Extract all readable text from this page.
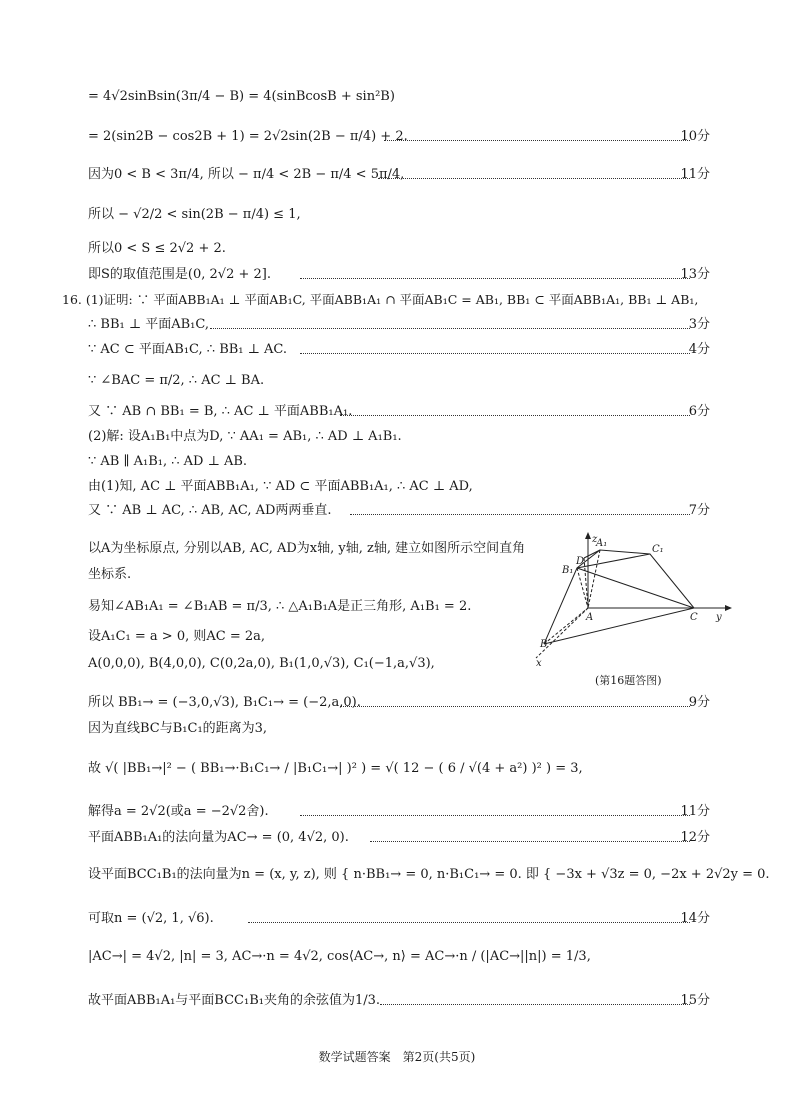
= 4√2sinBsin(3π/4 − B) = 4(sinBcosB + sin²B)
= 2(sin2B − cos2B + 1) = 2√2sin(2B − π/4) + 2.
因为0 < B < 3π/4, 所以 − π/4 < 2B − π/4 < 5π/4,
所以 − √2/2 < sin(2B − π/4) ≤ 1,
所以0 < S ≤ 2√2 + 2.
即S的取值范围是(0, 2√2 + 2].
16. (1)证明: ∵ 平面ABB₁A₁ ⊥ 平面AB₁C, 平面ABB₁A₁ ∩ 平面AB₁C = AB₁, BB₁ ⊂ 平面ABB₁A₁, BB₁ ⊥ AB₁,
∴ BB₁ ⊥ 平面AB₁C,
∵ AC ⊂ 平面AB₁C, ∴ BB₁ ⊥ AC.
∵ ∠BAC = π/2, ∴ AC ⊥ BA.
又 ∵ AB ∩ BB₁ = B, ∴ AC ⊥ 平面ABB₁A₁.
(2)解: 设A₁B₁中点为D, ∵ AA₁ = AB₁, ∴ AD ⊥ A₁B₁.
∵ AB ∥ A₁B₁, ∴ AD ⊥ AB.
由(1)知, AC ⊥ 平面ABB₁A₁, ∵ AD ⊂ 平面ABB₁A₁, ∴ AC ⊥ AD,
又 ∵ AB ⊥ AC, ∴ AB, AC, AD两两垂直.
以A为坐标原点, 分别以AB, AC, AD为x轴, y轴, z轴, 建立如图所示空间直角
坐标系.
易知∠AB₁A₁ = ∠B₁AB = π/3, ∴ △A₁B₁A是正三角形, A₁B₁ = 2.
设A₁C₁ = a > 0, 则AC = 2a,
A(0,0,0), B(4,0,0), C(0,2a,0), B₁(1,0,√3), C₁(−1,a,√3),
所以 BB₁→ = (−3,0,√3), B₁C₁→ = (−2,a,0).
因为直线BC与B₁C₁的距离为3,
故 √( |BB₁→|² − ( BB₁→·B₁C₁→ / |B₁C₁→| )² ) = √( 12 − ( 6 / √(4 + a²) )² ) = 3,
解得a = 2√2(或a = −2√2舍).
平面ABB₁A₁的法向量为AC→ = (0, 4√2, 0).
设平面BCC₁B₁的法向量为n = (x, y, z), 则 { n·BB₁→ = 0, n·B₁C₁→ = 0. 即 { −3x + √3z = 0, −2x + 2√2y = 0.
可取n = (√2, 1, √6).
|AC→| = 4√2, |n| = 3, AC→·n = 4√2, cos⟨AC→, n⟩ = AC→·n / (|AC→||n|) = 1/3,
故平面ABB₁A₁与平面BCC₁B₁夹角的余弦值为1/3.
10分
11分
13分
3分
4分
6分
7分
9分
11分
12分
14分
15分
z
A₁
C₁
D
B₁
A	C y
B
x
(第16题答图)
数学试题答案　第2页(共5页)
